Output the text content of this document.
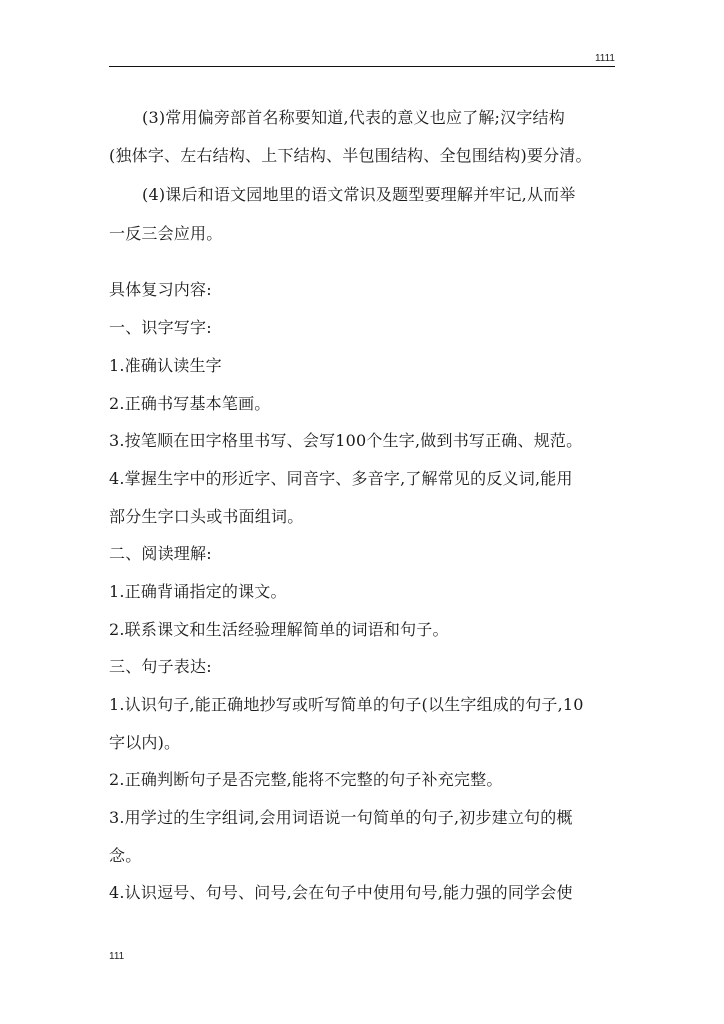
1111
(3)常用偏旁部首名称要知道,代表的意义也应了解;汉字结构
(独体字、左右结构、上下结构、半包围结构、全包围结构)要分清。
(4)课后和语文园地里的语文常识及题型要理解并牢记,从而举
一反三会应用。
具体复习内容:
一、识字写字:
1.准确认读生字
2.正确书写基本笔画。
3.按笔顺在田字格里书写、会写100个生字,做到书写正确、规范。
4.掌握生字中的形近字、同音字、多音字,了解常见的反义词,能用
部分生字口头或书面组词。
二、阅读理解:
1.正确背诵指定的课文。
2.联系课文和生活经验理解简单的词语和句子。
三、句子表达:
1.认识句子,能正确地抄写或听写简单的句子(以生字组成的句子,10
字以内)。
2.正确判断句子是否完整,能将不完整的句子补充完整。
3.用学过的生字组词,会用词语说一句简单的句子,初步建立句的概
念。
4.认识逗号、句号、问号,会在句子中使用句号,能力强的同学会使
111
